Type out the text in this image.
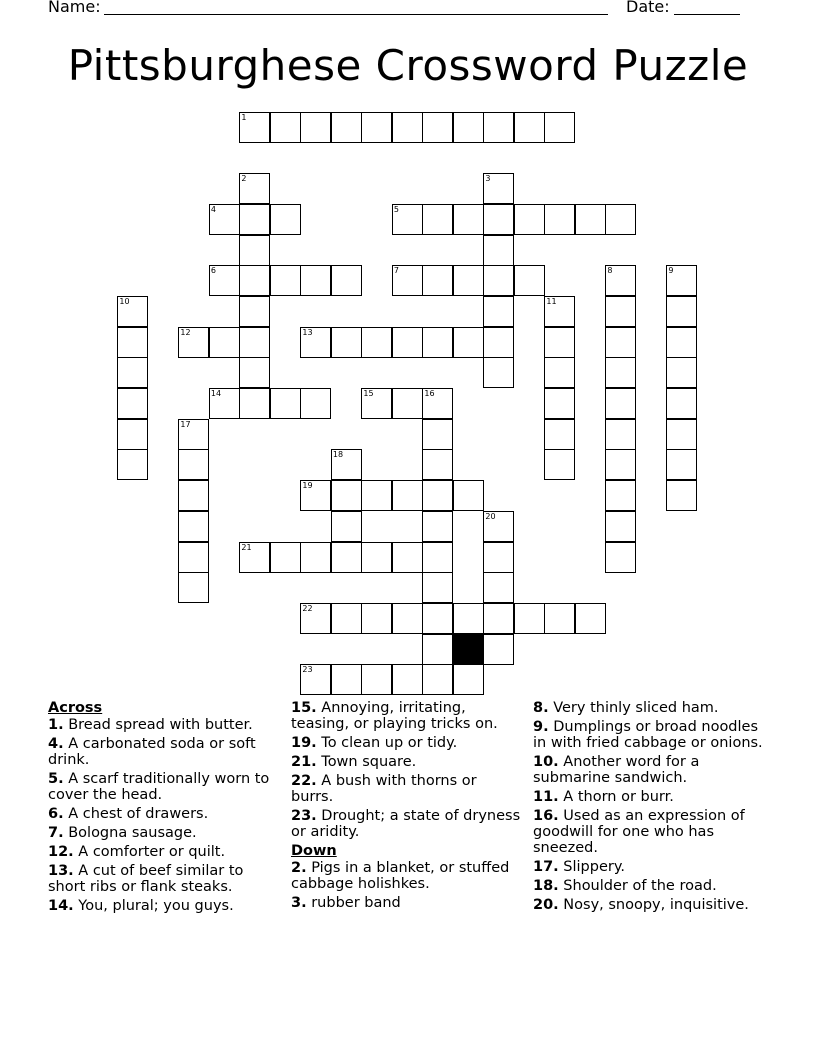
Name:	Date:
Pittsburghese Crossword Puzzle
1
2	3
4	5
6	7	8	9
10	11
12	13
14	15	16
17
18
19
20
21
22
23
Across
1. Bread spread with butter.
4. A carbonated soda or soft drink.
5. A scarf traditionally worn to cover the head.
6. A chest of drawers.
7. Bologna sausage.
12. A comforter or quilt.
13. A cut of beef similar to short ribs or flank steaks.
14. You, plural; you guys.
15. Annoying, irritating, teasing, or playing tricks on.
19. To clean up or tidy.
21. Town square.
22. A bush with thorns or burrs.
23. Drought; a state of dryness or aridity.
Down
2. Pigs in a blanket, or stuffed cabbage holishkes.
3. rubber band
8. Very thinly sliced ham.
9. Dumplings or broad noodles in with fried cabbage or onions.
10. Another word for a submarine sandwich.
11. A thorn or burr.
16. Used as an expression of goodwill for one who has sneezed.
17. Slippery.
18. Shoulder of the road.
20. Nosy, snoopy, inquisitive.
